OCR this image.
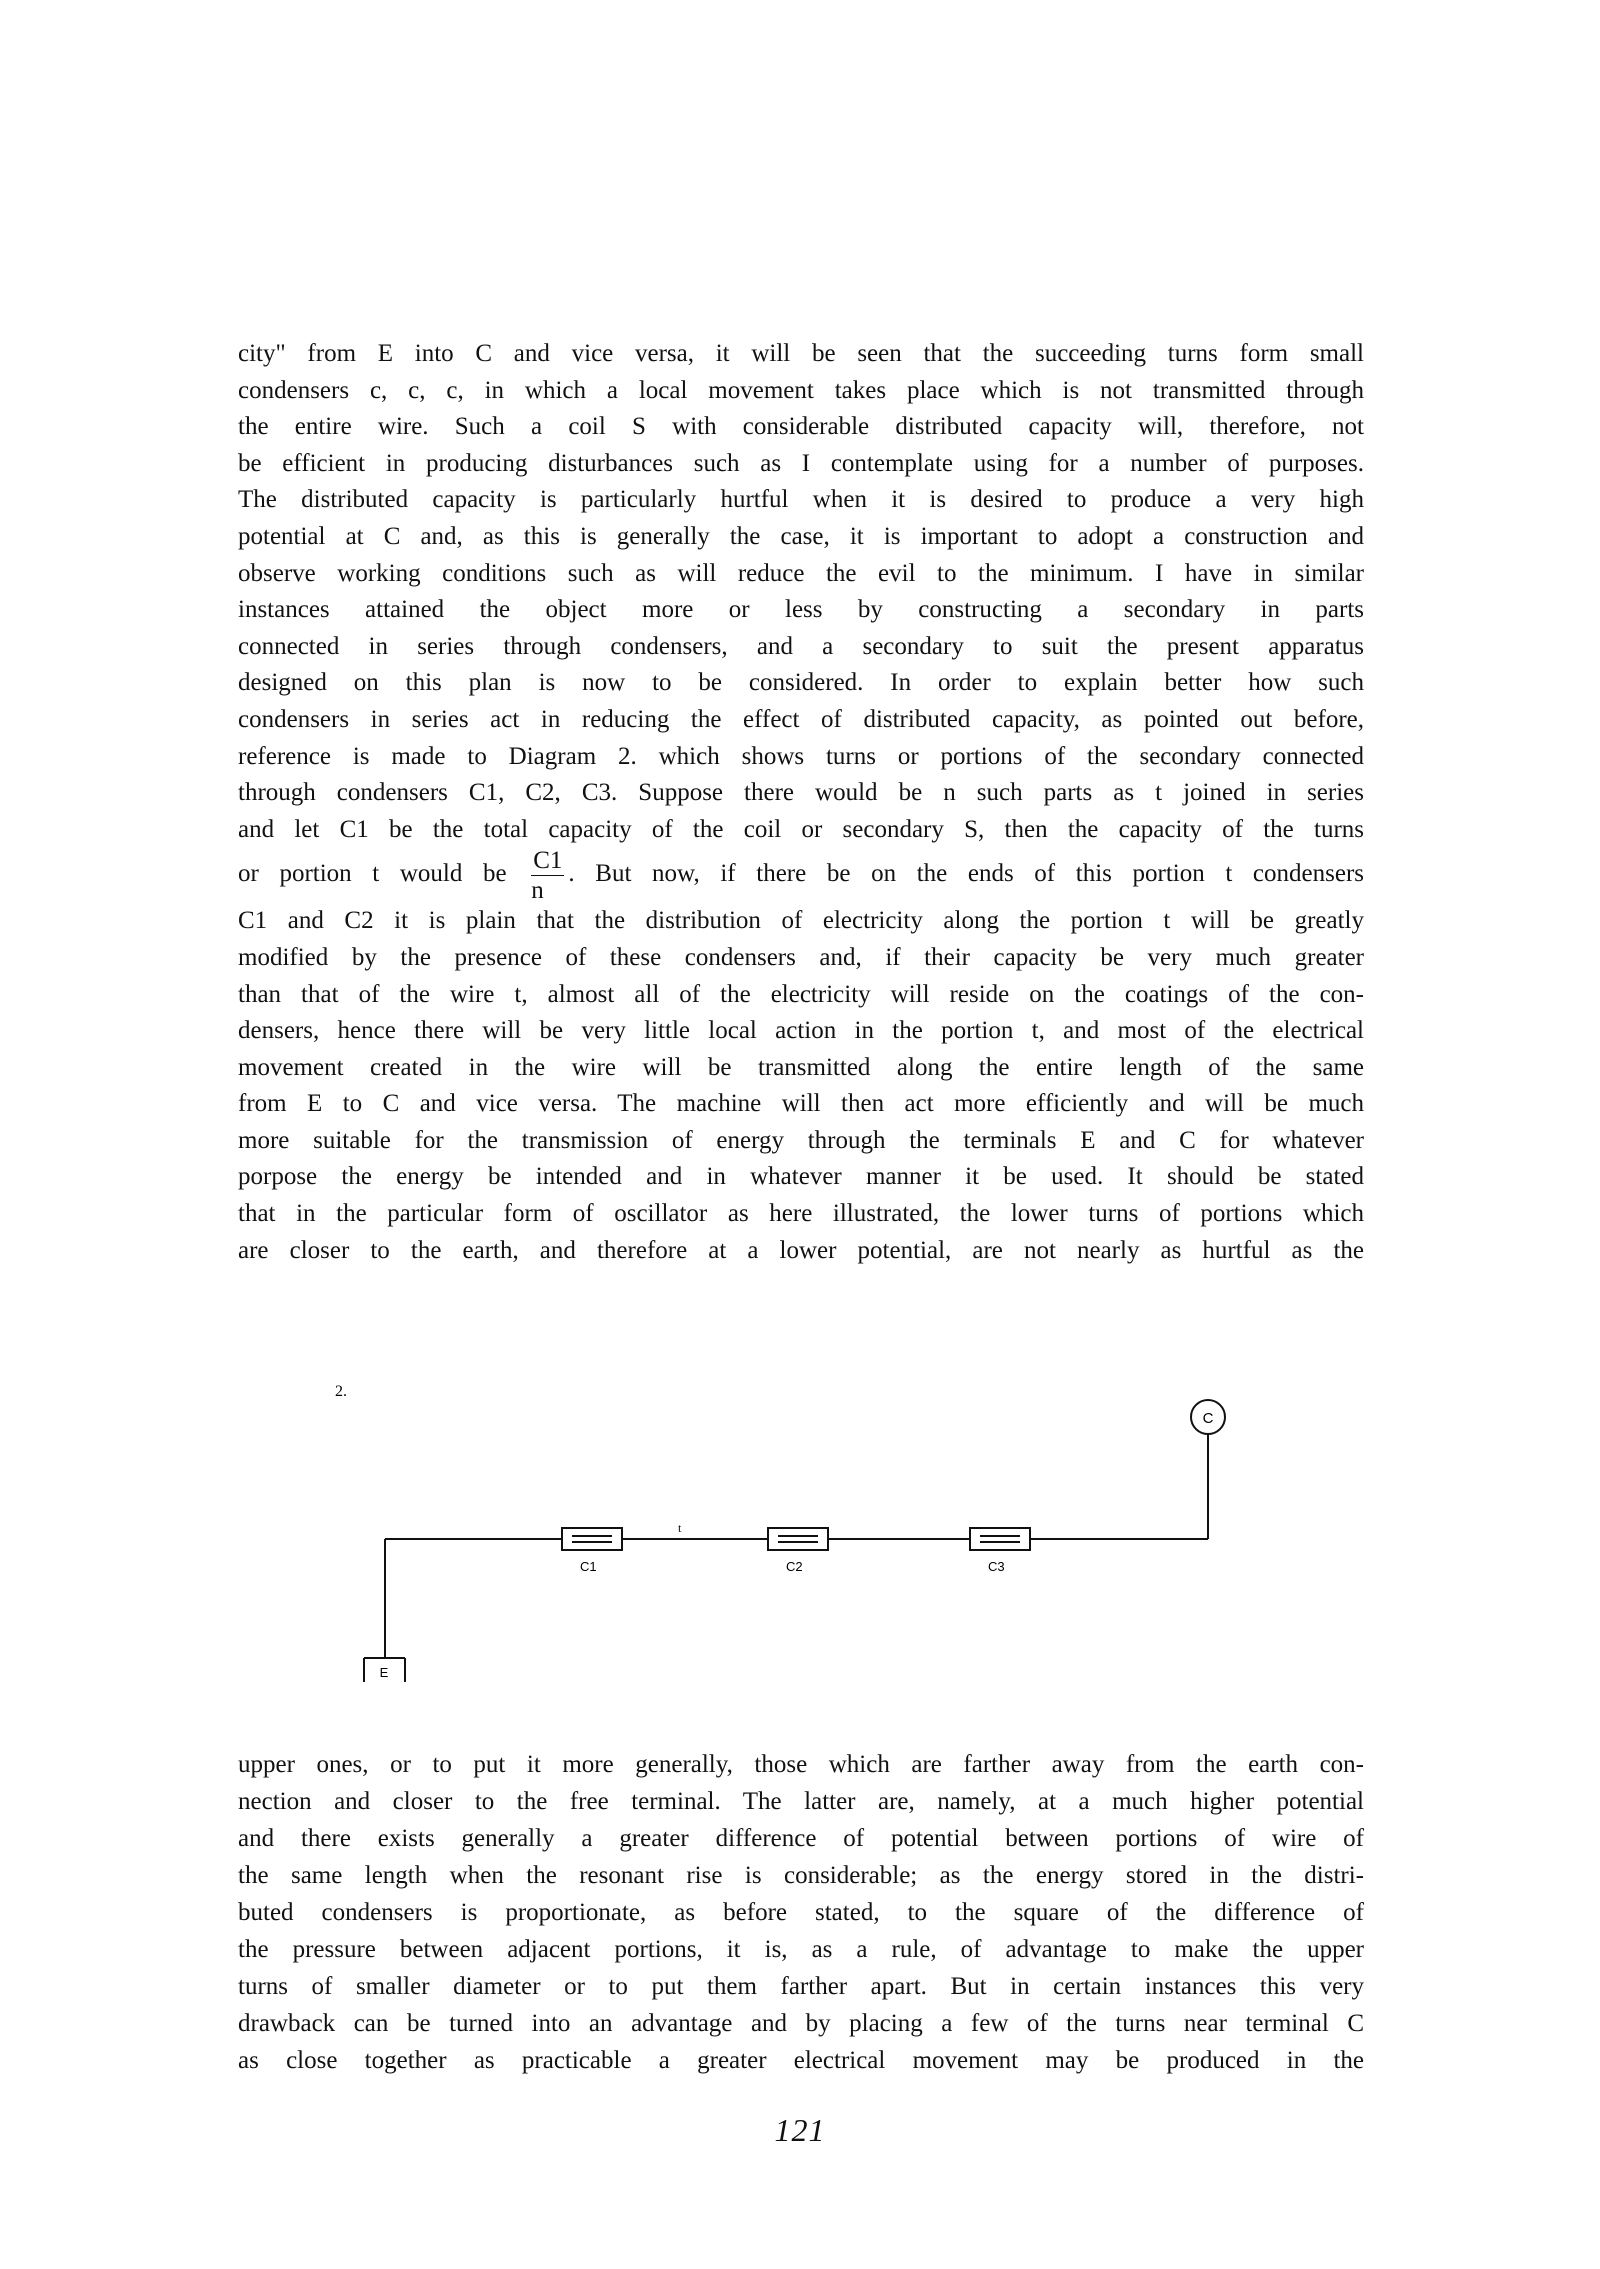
city" from E into C and vice versa, it will be seen that the succeeding turns form small
condensers c, c, c, in which a local movement takes place which is not transmitted through
the entire wire. Such a coil S with considerable distributed capacity will, therefore, not
be efficient in producing disturbances such as I contemplate using for a number of purposes.
The distributed capacity is particularly hurtful when it is desired to produce a very high
potential at C and, as this is generally the case, it is important to adopt a construction and
observe working conditions such as will reduce the evil to the minimum. I have in similar
instances attained the object more or less by constructing a secondary in parts
connected in series through condensers, and a secondary to suit the present apparatus
designed on this plan is now to be considered. In order to explain better how such
condensers in series act in reducing the effect of distributed capacity, as pointed out before,
reference is made to Diagram 2. which shows turns or portions of the secondary connected
through condensers C1, C2, C3. Suppose there would be n such parts as t joined in series
and let C1 be the total capacity of the coil or secondary S, then the capacity of the turns
or portion t would be $\frac{C1}{n}$ . But now, if there be on the ends of this portion t condensers
C1 and C2 it is plain that the distribution of electricity along the portion t will be greatly
modified by the presence of these condensers and, if their capacity be very much greater
than that of the wire t, almost all of the electricity will reside on the coatings of the con-
densers, hence there will be very little local action in the portion t, and most of the electrical
movement created in the wire will be transmitted along the entire length of the same
from E to C and vice versa. The machine will then act more efficiently and will be much
more suitable for the transmission of energy through the terminals E and C for whatever
porpose the energy be intended and in whatever manner it be used. It should be stated
that in the particular form of oscillator as here illustrated, the lower turns of portions which
are closer to the earth, and therefore at a lower potential, are not nearly as hurtful as the
2.
C
C1	C2	C3
t
E
upper ones, or to put it more generally, those which are farther away from the earth con-
nection and closer to the free terminal. The latter are, namely, at a much higher potential
and there exists generally a greater difference of potential between portions of wire of
the same length when the resonant rise is considerable; as the energy stored in the distri-
buted condensers is proportionate, as before stated, to the square of the difference of
the pressure between adjacent portions, it is, as a rule, of advantage to make the upper
turns of smaller diameter or to put them farther apart. But in certain instances this very
drawback can be turned into an advantage and by placing a few of the turns near terminal C
as close together as practicable a greater electrical movement may be produced in the
121
